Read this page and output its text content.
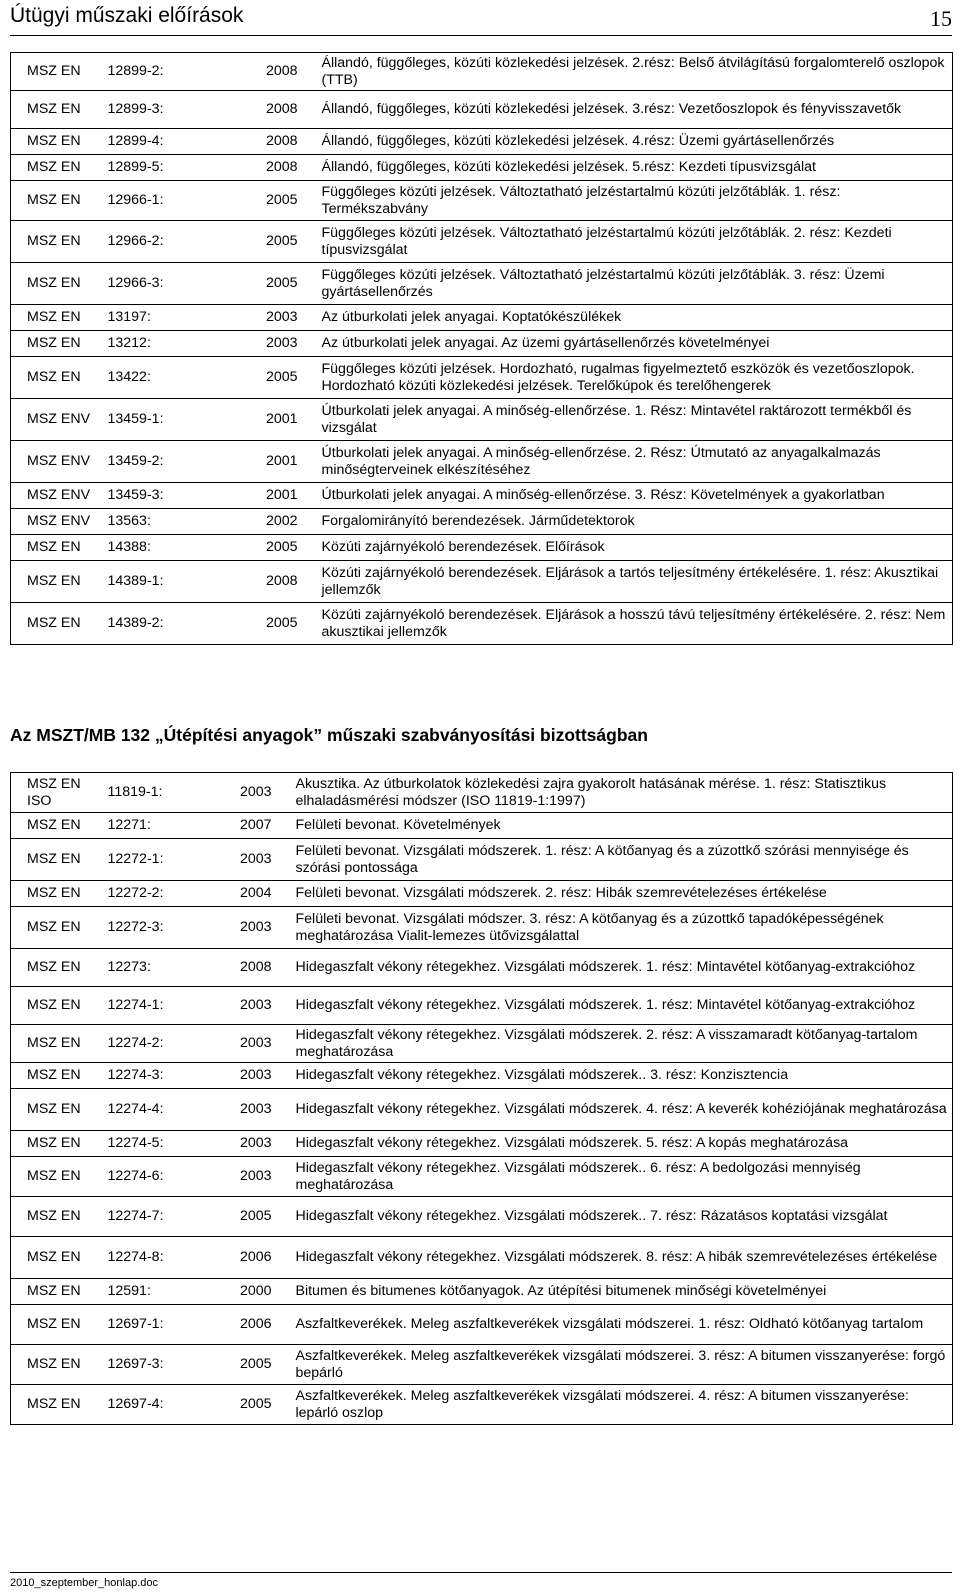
Útügyi műszaki előírások	15
MSZ EN	12899-2:	2008	Állandó, függőleges, közúti közlekedési jelzések. 2.rész: Belső átvilágítású forgalomterelő oszlopok (TTB)
MSZ EN	12899-3:	2008	Állandó, függőleges, közúti közlekedési jelzések. 3.rész: Vezetőoszlopok és fényvisszavetők
MSZ EN	12899-4:	2008	Állandó, függőleges, közúti közlekedési jelzések. 4.rész: Üzemi gyártásellenőrzés
MSZ EN	12899-5:	2008	Állandó, függőleges, közúti közlekedési jelzések. 5.rész: Kezdeti típusvizsgálat
MSZ EN	12966-1:	2005	Függőleges közúti jelzések. Változtatható jelzéstartalmú közúti jelzőtáblák. 1. rész: Termékszabvány
MSZ EN	12966-2:	2005	Függőleges közúti jelzések. Változtatható jelzéstartalmú közúti jelzőtáblák. 2. rész: Kezdeti típusvizsgálat
MSZ EN	12966-3:	2005	Függőleges közúti jelzések. Változtatható jelzéstartalmú közúti jelzőtáblák. 3. rész: Üzemi gyártásellenőrzés
MSZ EN	13197:	2003	Az útburkolati jelek anyagai. Koptatókészülékek
MSZ EN	13212:	2003	Az útburkolati jelek anyagai. Az üzemi gyártásellenőrzés követelményei
MSZ EN	13422:	2005	Függőleges közúti jelzések. Hordozható, rugalmas figyelmeztető eszközök és vezetőoszlopok. Hordozható közúti közlekedési jelzések. Terelőkúpok és terelőhengerek
MSZ ENV	13459-1:	2001	Útburkolati jelek anyagai. A minőség-ellenőrzése. 1. Rész: Mintavétel raktározott termékből és vizsgálat
MSZ ENV	13459-2:	2001	Útburkolati jelek anyagai. A minőség-ellenőrzése. 2. Rész: Útmutató az anyagalkalmazás minőségterveinek elkészítéséhez
MSZ ENV	13459-3:	2001	Útburkolati jelek anyagai. A minőség-ellenőrzése. 3. Rész: Követelmények a gyakorlatban
MSZ ENV	13563:	2002	Forgalomirányító berendezések. Járműdetektorok
MSZ EN	14388:	2005	Közúti zajárnyékoló berendezések. Előírások
MSZ EN	14389-1:	2008	Közúti zajárnyékoló berendezések. Eljárások a tartós teljesítmény értékelésére. 1. rész: Akusztikai jellemzők
MSZ EN	14389-2:	2005	Közúti zajárnyékoló berendezések. Eljárások a hosszú távú teljesítmény értékelésére. 2. rész: Nem akusztikai jellemzők
Az MSZT/MB 132 „Útépítési anyagok” műszaki szabványosítási bizottságban
MSZ EN ISO	11819-1:	2003	Akusztika. Az útburkolatok közlekedési zajra gyakorolt hatásának mérése. 1. rész: Statisztikus elhaladásmérési módszer (ISO 11819-1:1997)
MSZ EN	12271:	2007	Felületi bevonat. Követelmények
MSZ EN	12272-1:	2003	Felületi bevonat. Vizsgálati módszerek. 1. rész: A kötőanyag és a zúzottkő szórási mennyisége és szórási pontossága
MSZ EN	12272-2:	2004	Felületi bevonat. Vizsgálati módszerek. 2. rész: Hibák szemrevételezéses értékelése
MSZ EN	12272-3:	2003	Felületi bevonat. Vizsgálati módszer. 3. rész: A kötőanyag és a zúzottkő tapadóképességének meghatározása Vialit-lemezes ütővizsgálattal
MSZ EN	12273:	2008	Hidegaszfalt vékony rétegekhez. Vizsgálati módszerek. 1. rész: Mintavétel kötőanyag-extrakcióhoz
MSZ EN	12274-1:	2003	Hidegaszfalt vékony rétegekhez. Vizsgálati módszerek. 1. rész: Mintavétel kötőanyag-extrakcióhoz
MSZ EN	12274-2:	2003	Hidegaszfalt vékony rétegekhez. Vizsgálati módszerek. 2. rész: A visszamaradt kötőanyag-tartalom meghatározása
MSZ EN	12274-3:	2003	Hidegaszfalt vékony rétegekhez. Vizsgálati módszerek.. 3. rész: Konzisztencia
MSZ EN	12274-4:	2003	Hidegaszfalt vékony rétegekhez. Vizsgálati módszerek. 4. rész: A keverék kohéziójának meghatározása
MSZ EN	12274-5:	2003	Hidegaszfalt vékony rétegekhez. Vizsgálati módszerek. 5. rész: A kopás meghatározása
MSZ EN	12274-6:	2003	Hidegaszfalt vékony rétegekhez. Vizsgálati módszerek.. 6. rész: A bedolgozási mennyiség meghatározása
MSZ EN	12274-7:	2005	Hidegaszfalt vékony rétegekhez. Vizsgálati módszerek.. 7. rész: Rázatásos koptatási vizsgálat
MSZ EN	12274-8:	2006	Hidegaszfalt vékony rétegekhez. Vizsgálati módszerek. 8. rész: A hibák szemrevételezéses értékelése
MSZ EN	12591:	2000	Bitumen és bitumenes kötőanyagok. Az útépítési bitumenek minőségi követelményei
MSZ EN	12697-1:	2006	Aszfaltkeverékek. Meleg aszfaltkeverékek vizsgálati módszerei. 1. rész: Oldható kötőanyag tartalom
MSZ EN	12697-3:	2005	Aszfaltkeverékek. Meleg aszfaltkeverékek vizsgálati módszerei. 3. rész: A bitumen visszanyerése: forgó bepárló
MSZ EN	12697-4:	2005	Aszfaltkeverékek. Meleg aszfaltkeverékek vizsgálati módszerei. 4. rész: A bitumen visszanyerése: lepárló oszlop
2010_szeptember_honlap.doc
